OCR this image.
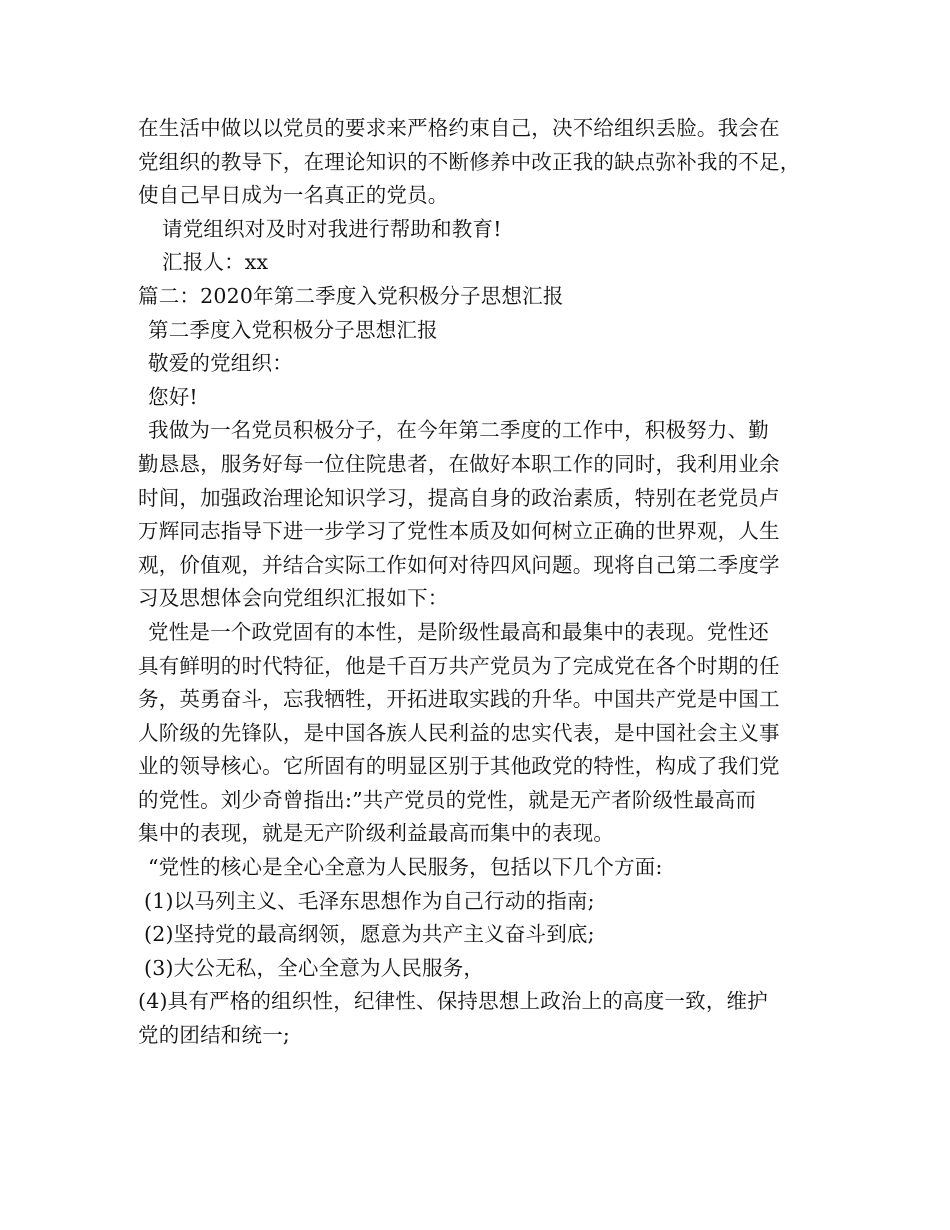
在生活中做以以党员的要求来严格约束自己，决不给组织丢脸。我会在
党组织的教导下，在理论知识的不断修养中改正我的缺点弥补我的不足，
使自己早日成为一名真正的党员。
请党组织对及时对我进行帮助和教育!
汇报人：xx
篇二：2020年第二季度入党积极分子思想汇报
第二季度入党积极分子思想汇报
敬爱的党组织：
您好!
我做为一名党员积极分子，在今年第二季度的工作中，积极努力、勤
勤恳恳，服务好每一位住院患者，在做好本职工作的同时，我利用业余
时间，加强政治理论知识学习，提高自身的政治素质，特别在老党员卢
万辉同志指导下进一步学习了党性本质及如何树立正确的世界观，人生
观，价值观，并结合实际工作如何对待四风问题。现将自己第二季度学
习及思想体会向党组织汇报如下：
党性是一个政党固有的本性，是阶级性最高和最集中的表现。党性还
具有鲜明的时代特征，他是千百万共产党员为了完成党在各个时期的任
务，英勇奋斗，忘我牺牲，开拓进取实践的升华。中国共产党是中国工
人阶级的先锋队，是中国各族人民利益的忠实代表，是中国社会主义事
业的领导核心。它所固有的明显区别于其他政党的特性，构成了我们党
的党性。刘少奇曾指出:”共产党员的党性，就是无产者阶级性最高而
集中的表现，就是无产阶级利益最高而集中的表现。
“党性的核心是全心全意为人民服务，包括以下几个方面:
(1)以马列主义、毛泽东思想作为自己行动的指南;
(2)坚持党的最高纲领，愿意为共产主义奋斗到底;
(3)大公无私，全心全意为人民服务，
(4)具有严格的组织性，纪律性、保持思想上政治上的高度一致，维护
党的团结和统一;
